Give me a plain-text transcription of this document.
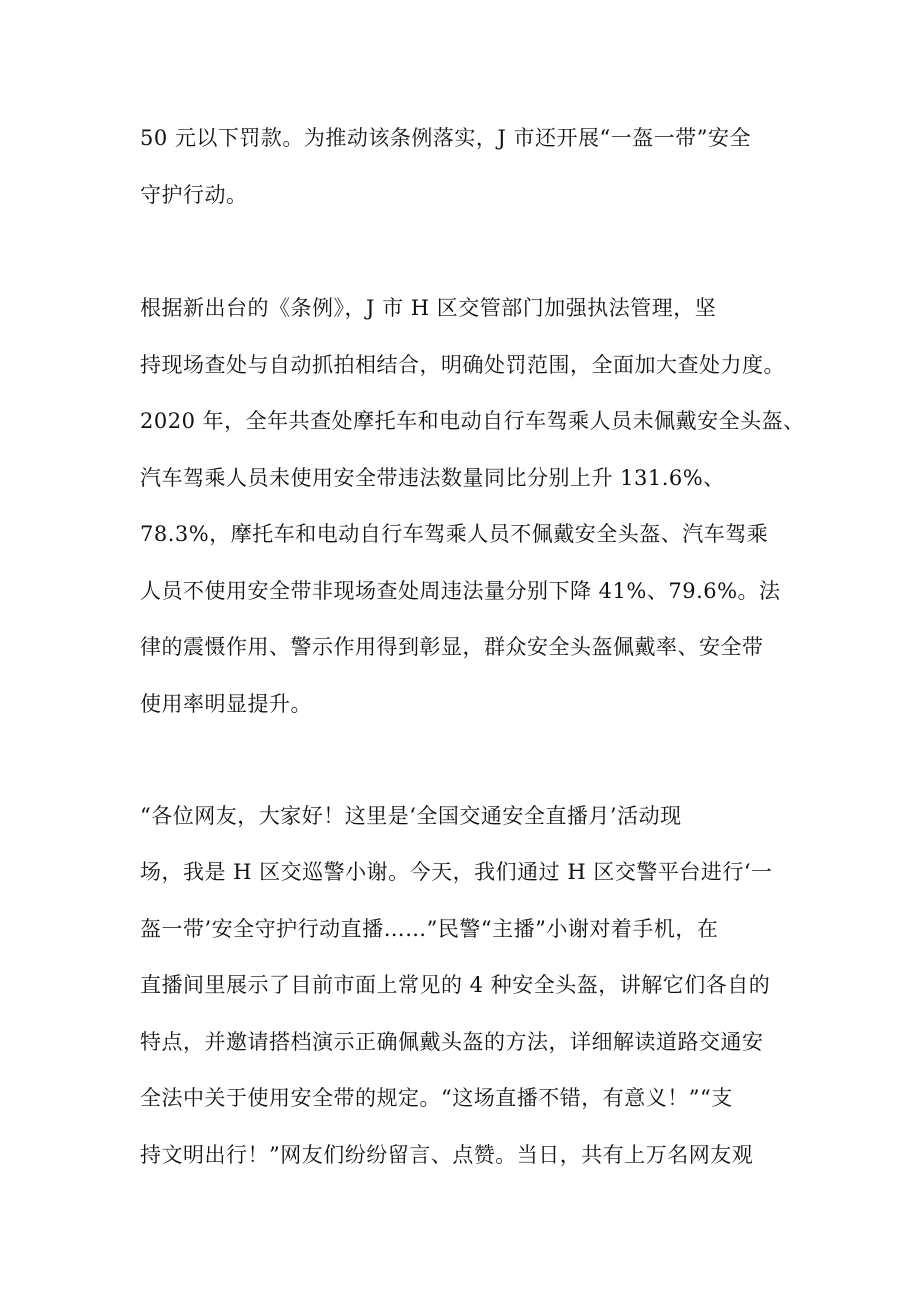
50 元以下罚款。为推动该条例落实，J 市还开展“一盔一带”安全
守护行动。
根据新出台的《条例》，J 市 H 区交管部门加强执法管理，坚
持现场查处与自动抓拍相结合，明确处罚范围，全面加大查处力度。
2020 年，全年共查处摩托车和电动自行车驾乘人员未佩戴安全头盔、
汽车驾乘人员未使用安全带违法数量同比分别上升 131.6%、
78.3%，摩托车和电动自行车驾乘人员不佩戴安全头盔、汽车驾乘
人员不使用安全带非现场查处周违法量分别下降 41%、79.6%。法
律的震慑作用、警示作用得到彰显，群众安全头盔佩戴率、安全带
使用率明显提升。
“各位网友，大家好！这里是‘全国交通安全直播月’活动现
场，我是 H 区交巡警小谢。今天，我们通过 H 区交警平台进行‘一
盔一带’安全守护行动直播……”民警“主播”小谢对着手机，在
直播间里展示了目前市面上常见的 4 种安全头盔，讲解它们各自的
特点，并邀请搭档演示正确佩戴头盔的方法，详细解读道路交通安
全法中关于使用安全带的规定。“这场直播不错，有意义！”“支
持文明出行！”网友们纷纷留言、点赞。当日，共有上万名网友观
